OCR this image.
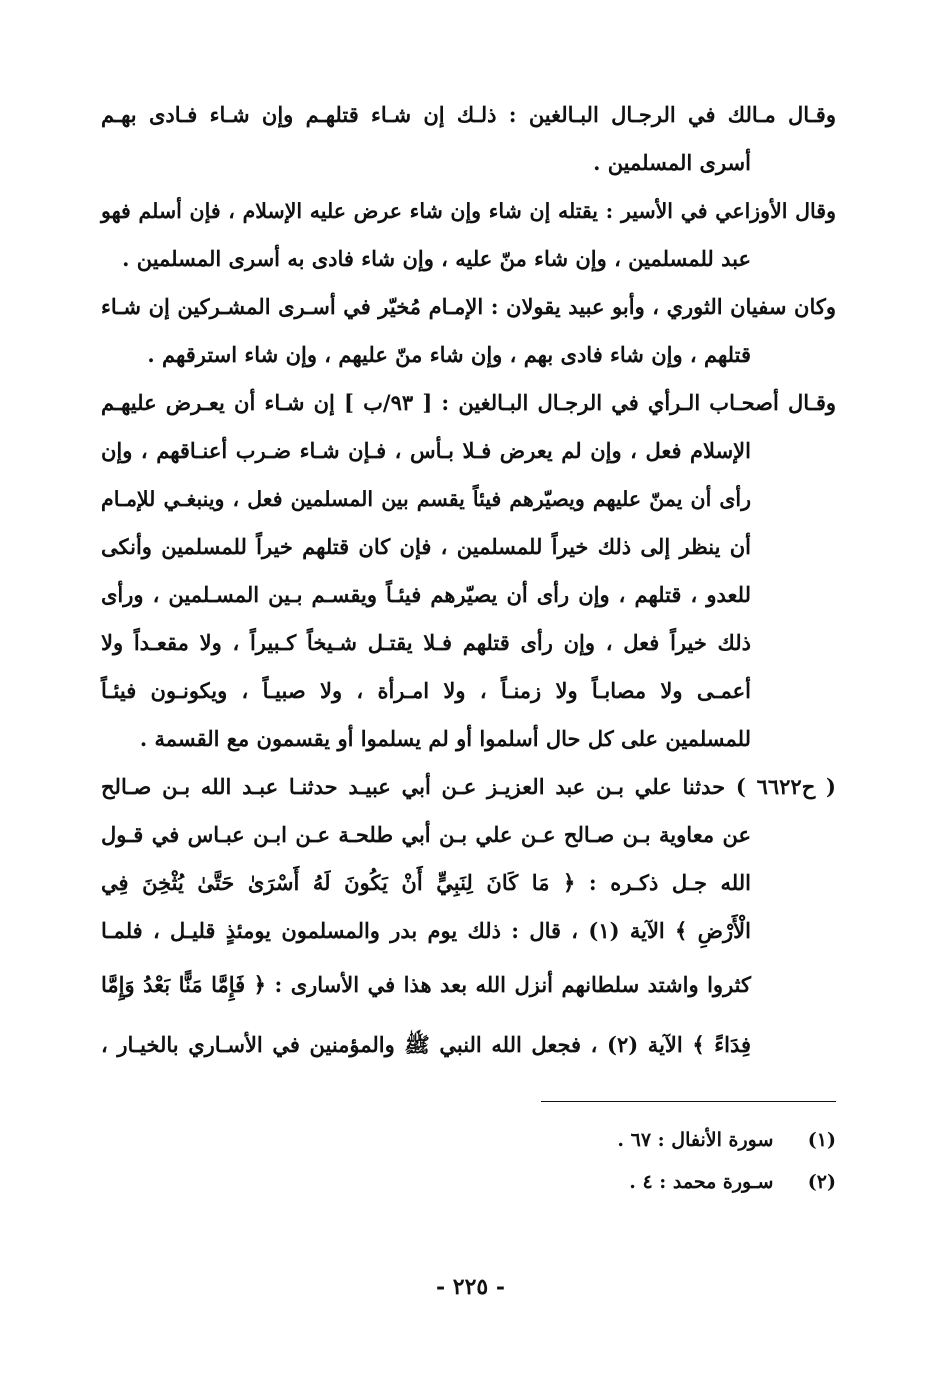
وقـال مـالك في الرجـال البـالغين : ذلـك إن شـاء قتلهـم وإن شـاء فـادى بهـم
أسرى المسلمين .
وقال الأوزاعي في الأسير : يقتله إن شاء وإن شاء عرض عليه الإسلام ، فإن أسلم فهو
عبد للمسلمين ، وإن شاء منّ عليه ، وإن شاء فادى به أسرى المسلمين .
وكان سفيان الثوري ، وأبو عبيد يقولان : الإمـام مُخيّر في أسـرى المشـركين إن شـاء
قتلهم ، وإن شاء فادى بهم ، وإن شاء منّ عليهم ، وإن شاء استرقهم .
وقـال أصحـاب الـرأي في الرجـال البـالغين : [ ٩٣/ب ] إن شـاء أن يعـرض عليهـم
الإسلام فعل ، وإن لم يعرض فـلا بـأس ، فـإن شـاء ضـرب أعنـاقهم ، وإن
رأى أن يمنّ عليهم ويصيّرهم فيئاً يقسم بين المسلمين فعل ، وينبغـي للإمـام
أن ينظر إلى ذلك خيراً للمسلمين ، فإن كان قتلهم خيراً للمسلمين وأنكى
للعدو ، قتلهم ، وإن رأى أن يصيّرهم فيئـاً ويقسـم بـين المسـلمين ، ورأى
ذلك خيراً فعل ، وإن رأى قتلهم فـلا يقتـل شـيخاً كـبيراً ، ولا مقعـداً ولا
أعمـى ولا مصابـاً ولا زمنـاً ، ولا امـرأة ، ولا صبيـاً ، ويكونـون فيئـاً
للمسلمين على كل حال أسلموا أو لم يسلموا أو يقسمون مع القسمة .
( ح٦٦٢٢ ) حدثنا علي بـن عبد العزيـز عـن أبي عبيـد حدثنـا عبـد الله بـن صـالح
عن معاوية بـن صـالح عـن علي بـن أبي طلحـة عـن ابـن عبـاس في قـول
الله جـل ذكـره : ﴿ مَا كَانَ لِنَبِيٍّ أَنْ يَكُونَ لَهُ أَسْرَىٰ حَتَّىٰ يُثْخِنَ فِي
الْأَرْضِ ﴾ الآية (١) ، قال : ذلك يوم بدر والمسلمون يومئذٍ قليـل ، فلمـا
كثروا واشتد سلطانهم أنزل الله بعد هذا في الأسارى : ﴿ فَإِمَّا مَنًّا بَعْدُ وَإِمَّا
فِدَاءً ﴾ الآية (٢) ، فجعل الله النبي ﷺ والمؤمنين في الأسـاري بالخيـار ،
(١) سورة الأنفال : ٦٧ .
(٢) سـورة محمد : ٤ .
- ٢٢٥ -
